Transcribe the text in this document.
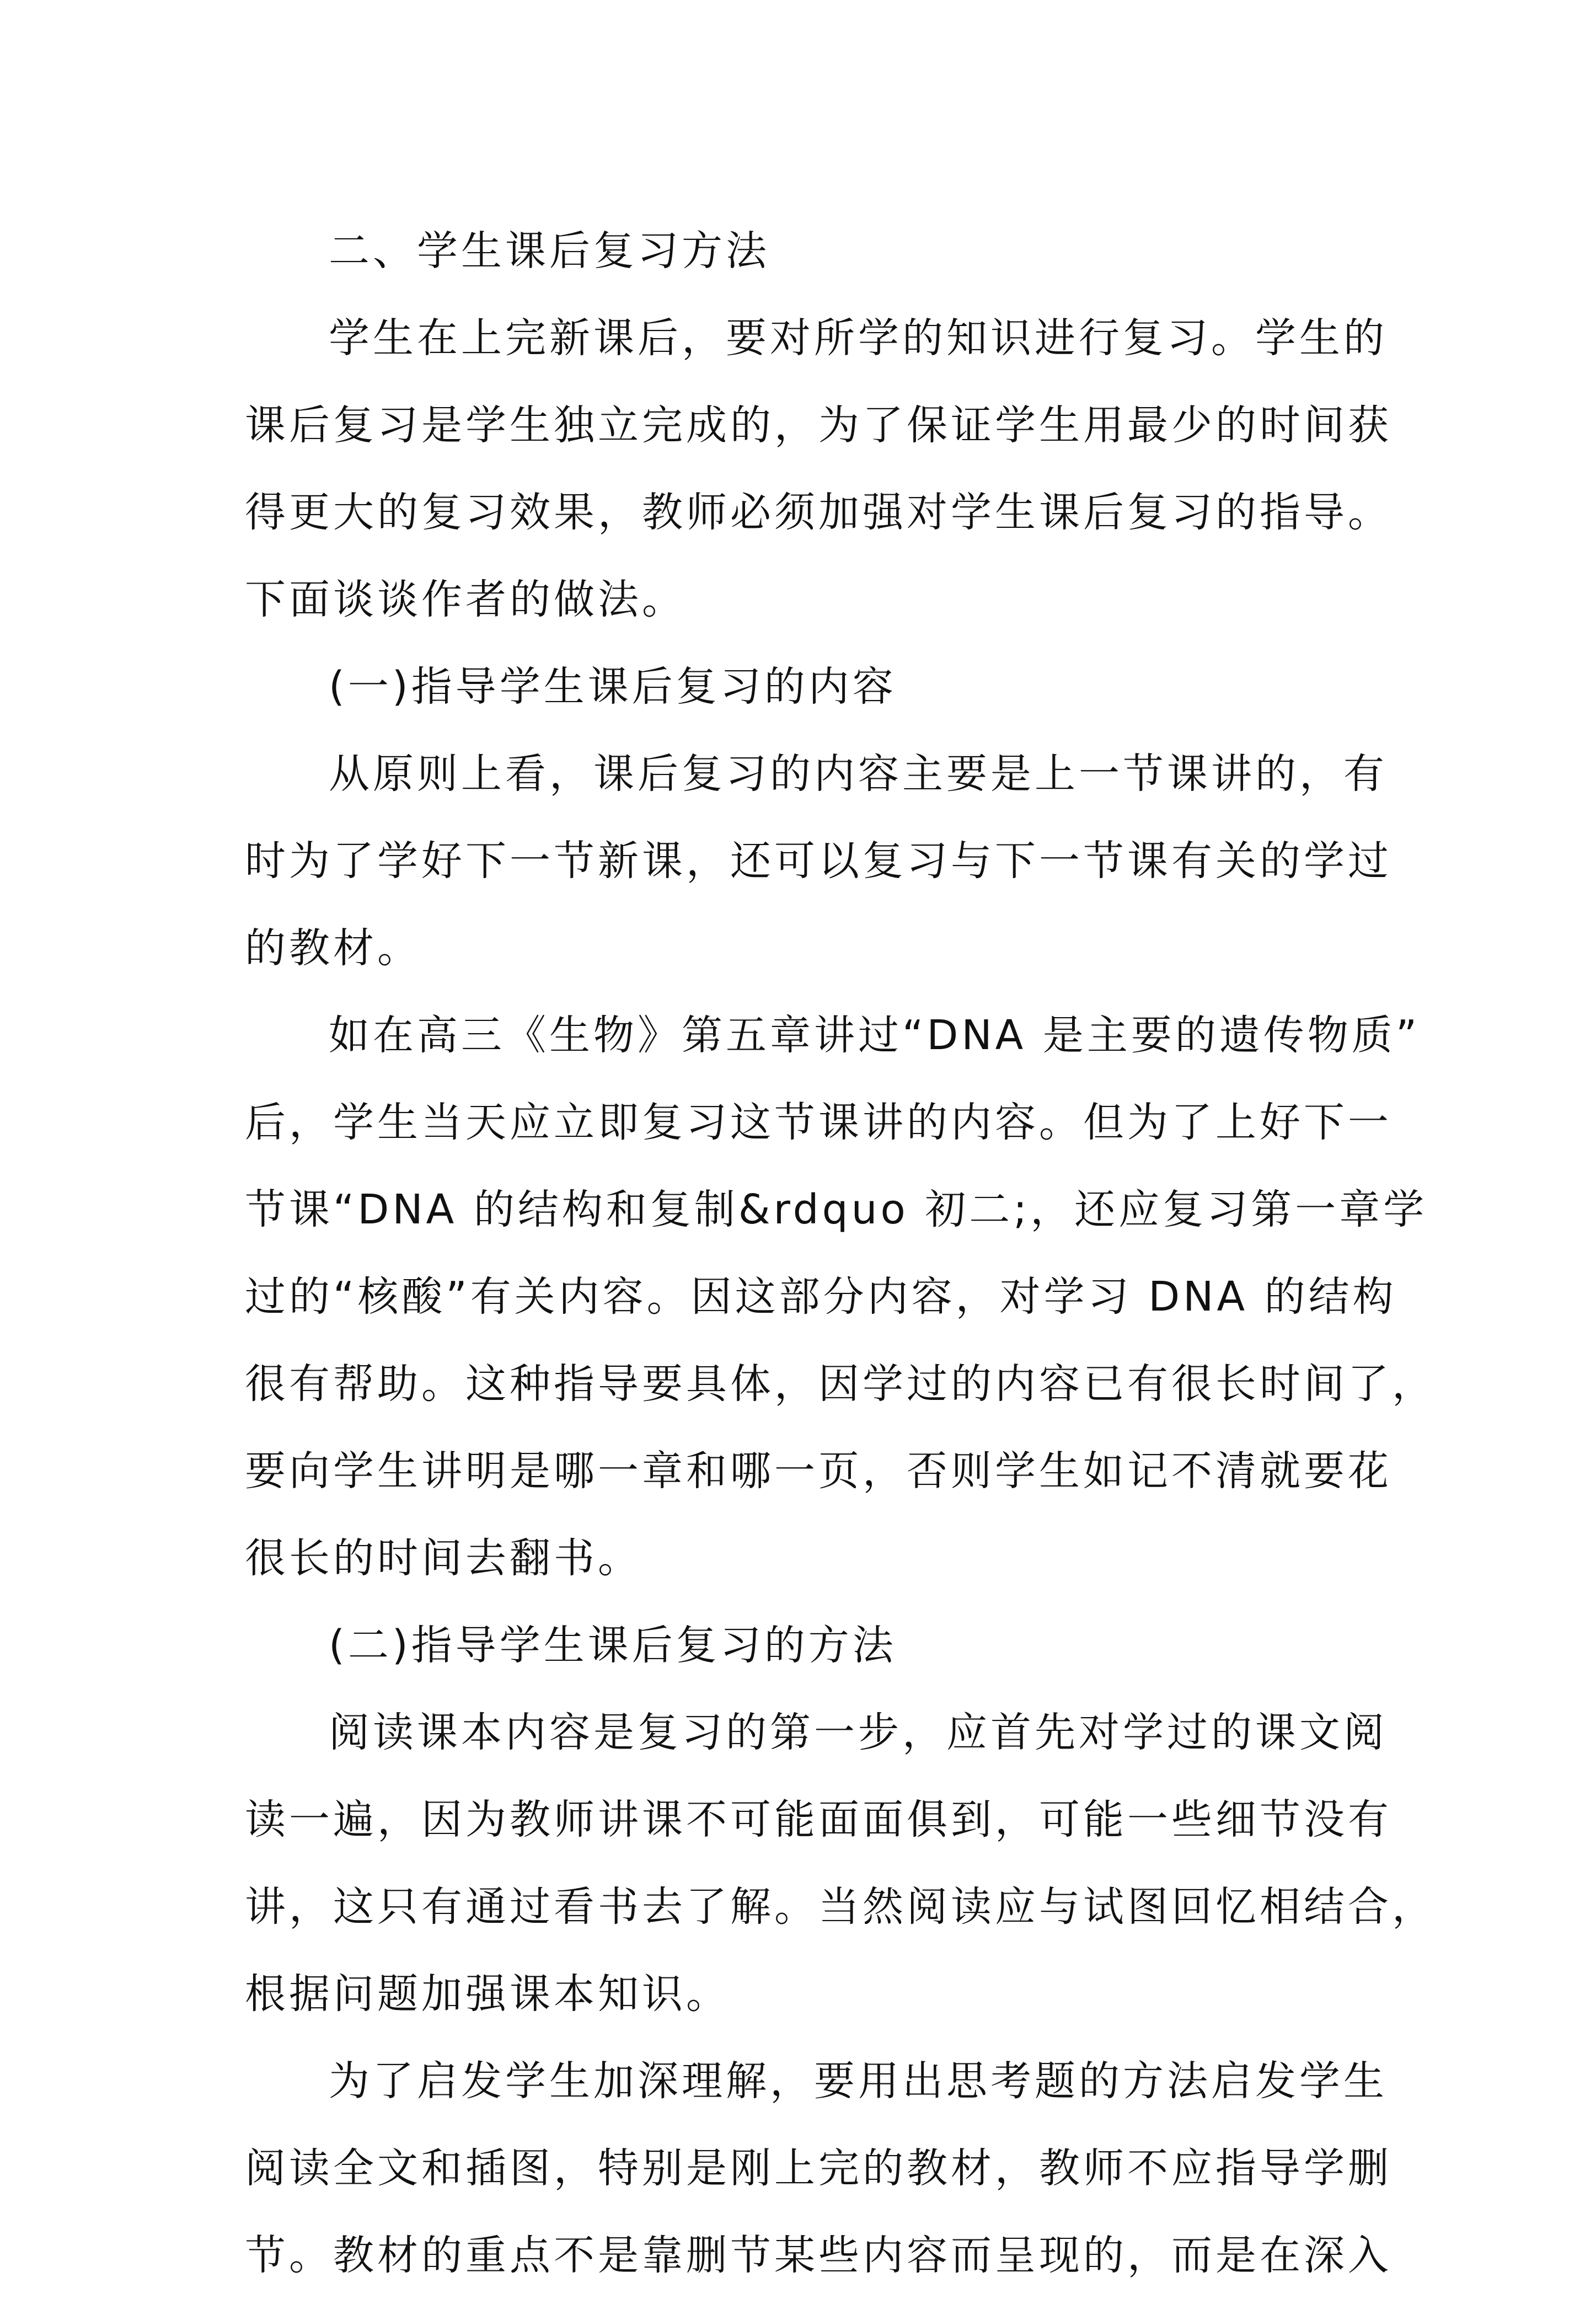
二、学生课后复习方法
学生在上完新课后，要对所学的知识进行复习。学生的
课后复习是学生独立完成的，为了保证学生用最少的时间获
得更大的复习效果，教师必须加强对学生课后复习的指导。
下面谈谈作者的做法。
(一)指导学生课后复习的内容
从原则上看，课后复习的内容主要是上一节课讲的，有
时为了学好下一节新课，还可以复习与下一节课有关的学过
的教材。
如在高三《生物》第五章讲过“DNA 是主要的遗传物质”
后，学生当天应立即复习这节课讲的内容。但为了上好下一
节课“DNA 的结构和复制&rdquo 初二;，还应复习第一章学
过的“核酸”有关内容。因这部分内容，对学习 DNA 的结构
很有帮助。这种指导要具体，因学过的内容已有很长时间了，
要向学生讲明是哪一章和哪一页，否则学生如记不清就要花
很长的时间去翻书。
(二)指导学生课后复习的方法
阅读课本内容是复习的第一步，应首先对学过的课文阅
读一遍，因为教师讲课不可能面面俱到，可能一些细节没有
讲，这只有通过看书去了解。当然阅读应与试图回忆相结合，
根据问题加强课本知识。
为了启发学生加深理解，要用出思考题的方法启发学生
阅读全文和插图，特别是刚上完的教材，教师不应指导学删
节。教材的重点不是靠删节某些内容而呈现的，而是在深入
